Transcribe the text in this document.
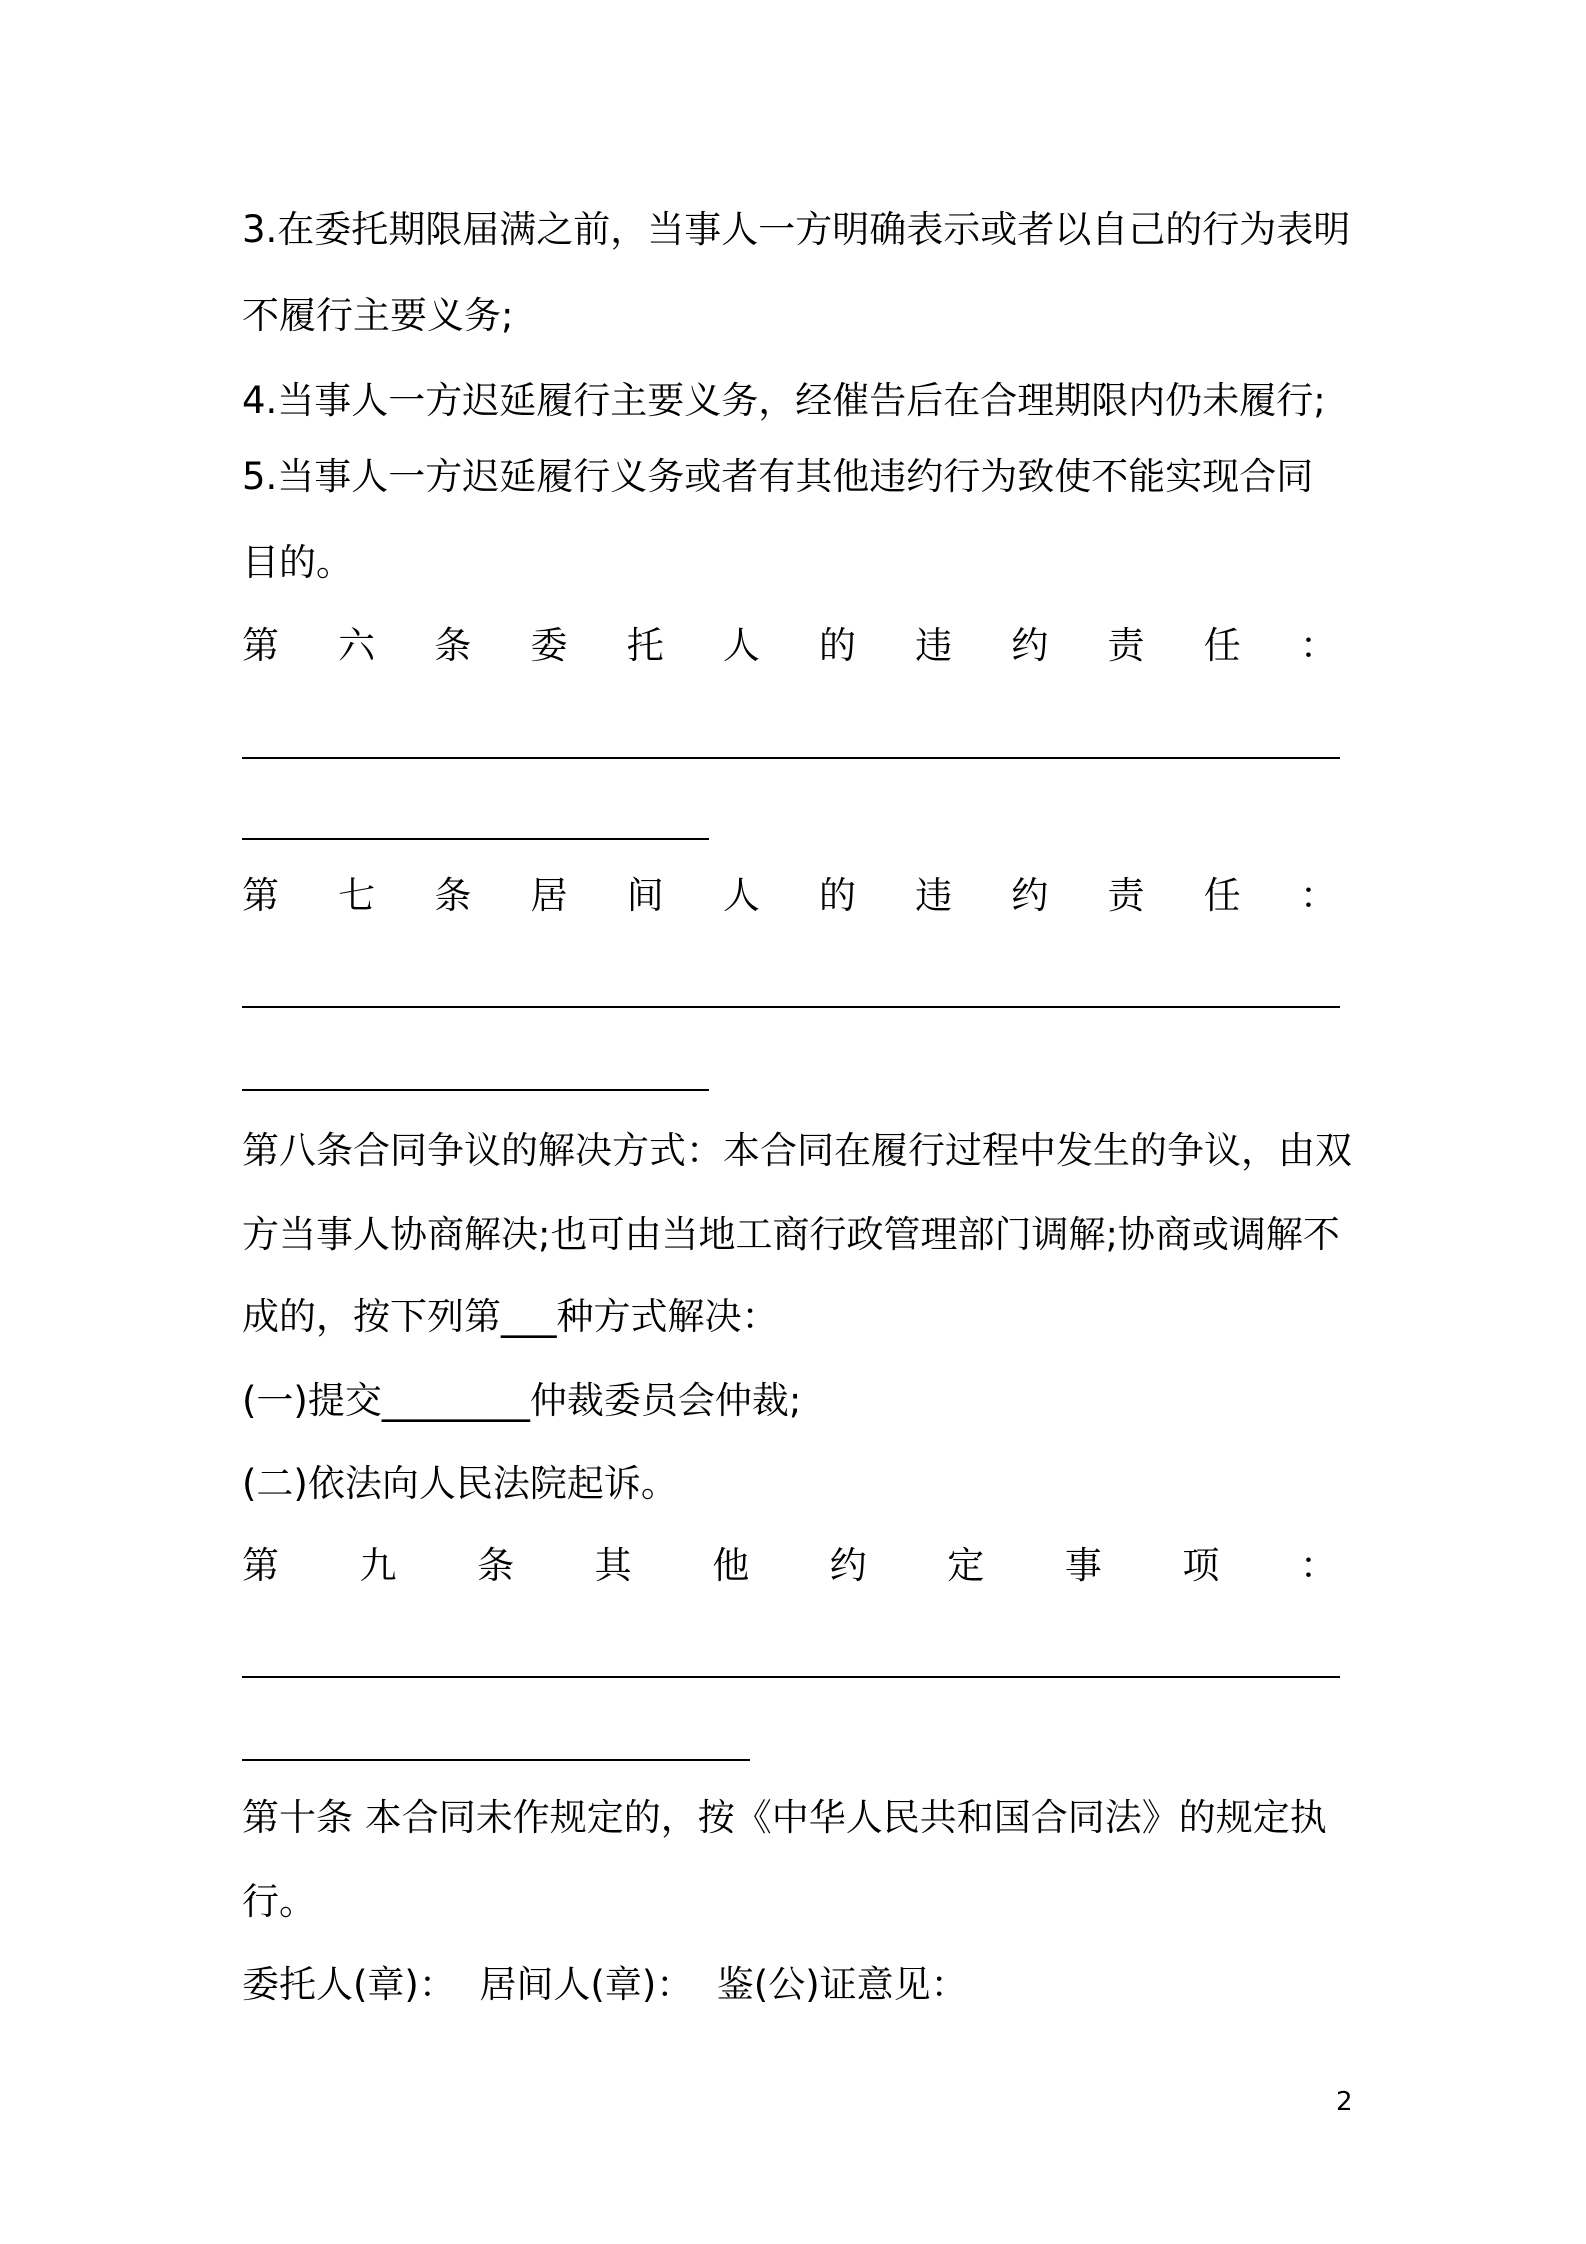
3.在委托期限届满之前，当事人一方明确表示或者以自己的行为表明
不履行主要义务;
4.当事人一方迟延履行主要义务，经催告后在合理期限内仍未履行;
5.当事人一方迟延履行义务或者有其他违约行为致使不能实现合同
目的。
第 六 条 委 托 人 的 违 约 责 任 ：
第 七 条 居 间 人 的 违 约 责 任 ：
第八条合同争议的解决方式：本合同在履行过程中发生的争议，由双
方当事人协商解决;也可由当地工商行政管理部门调解;协商或调解不
成的，按下列第___种方式解决：
(一)提交________仲裁委员会仲裁;
(二)依法向人民法院起诉。
第 九 条 其 他 约 定 事 项 ：
第十条 本合同未作规定的，按《中华人民共和国合同法》的规定执
行。
委托人(章)：  居间人(章)：  鉴(公)证意见：
2
